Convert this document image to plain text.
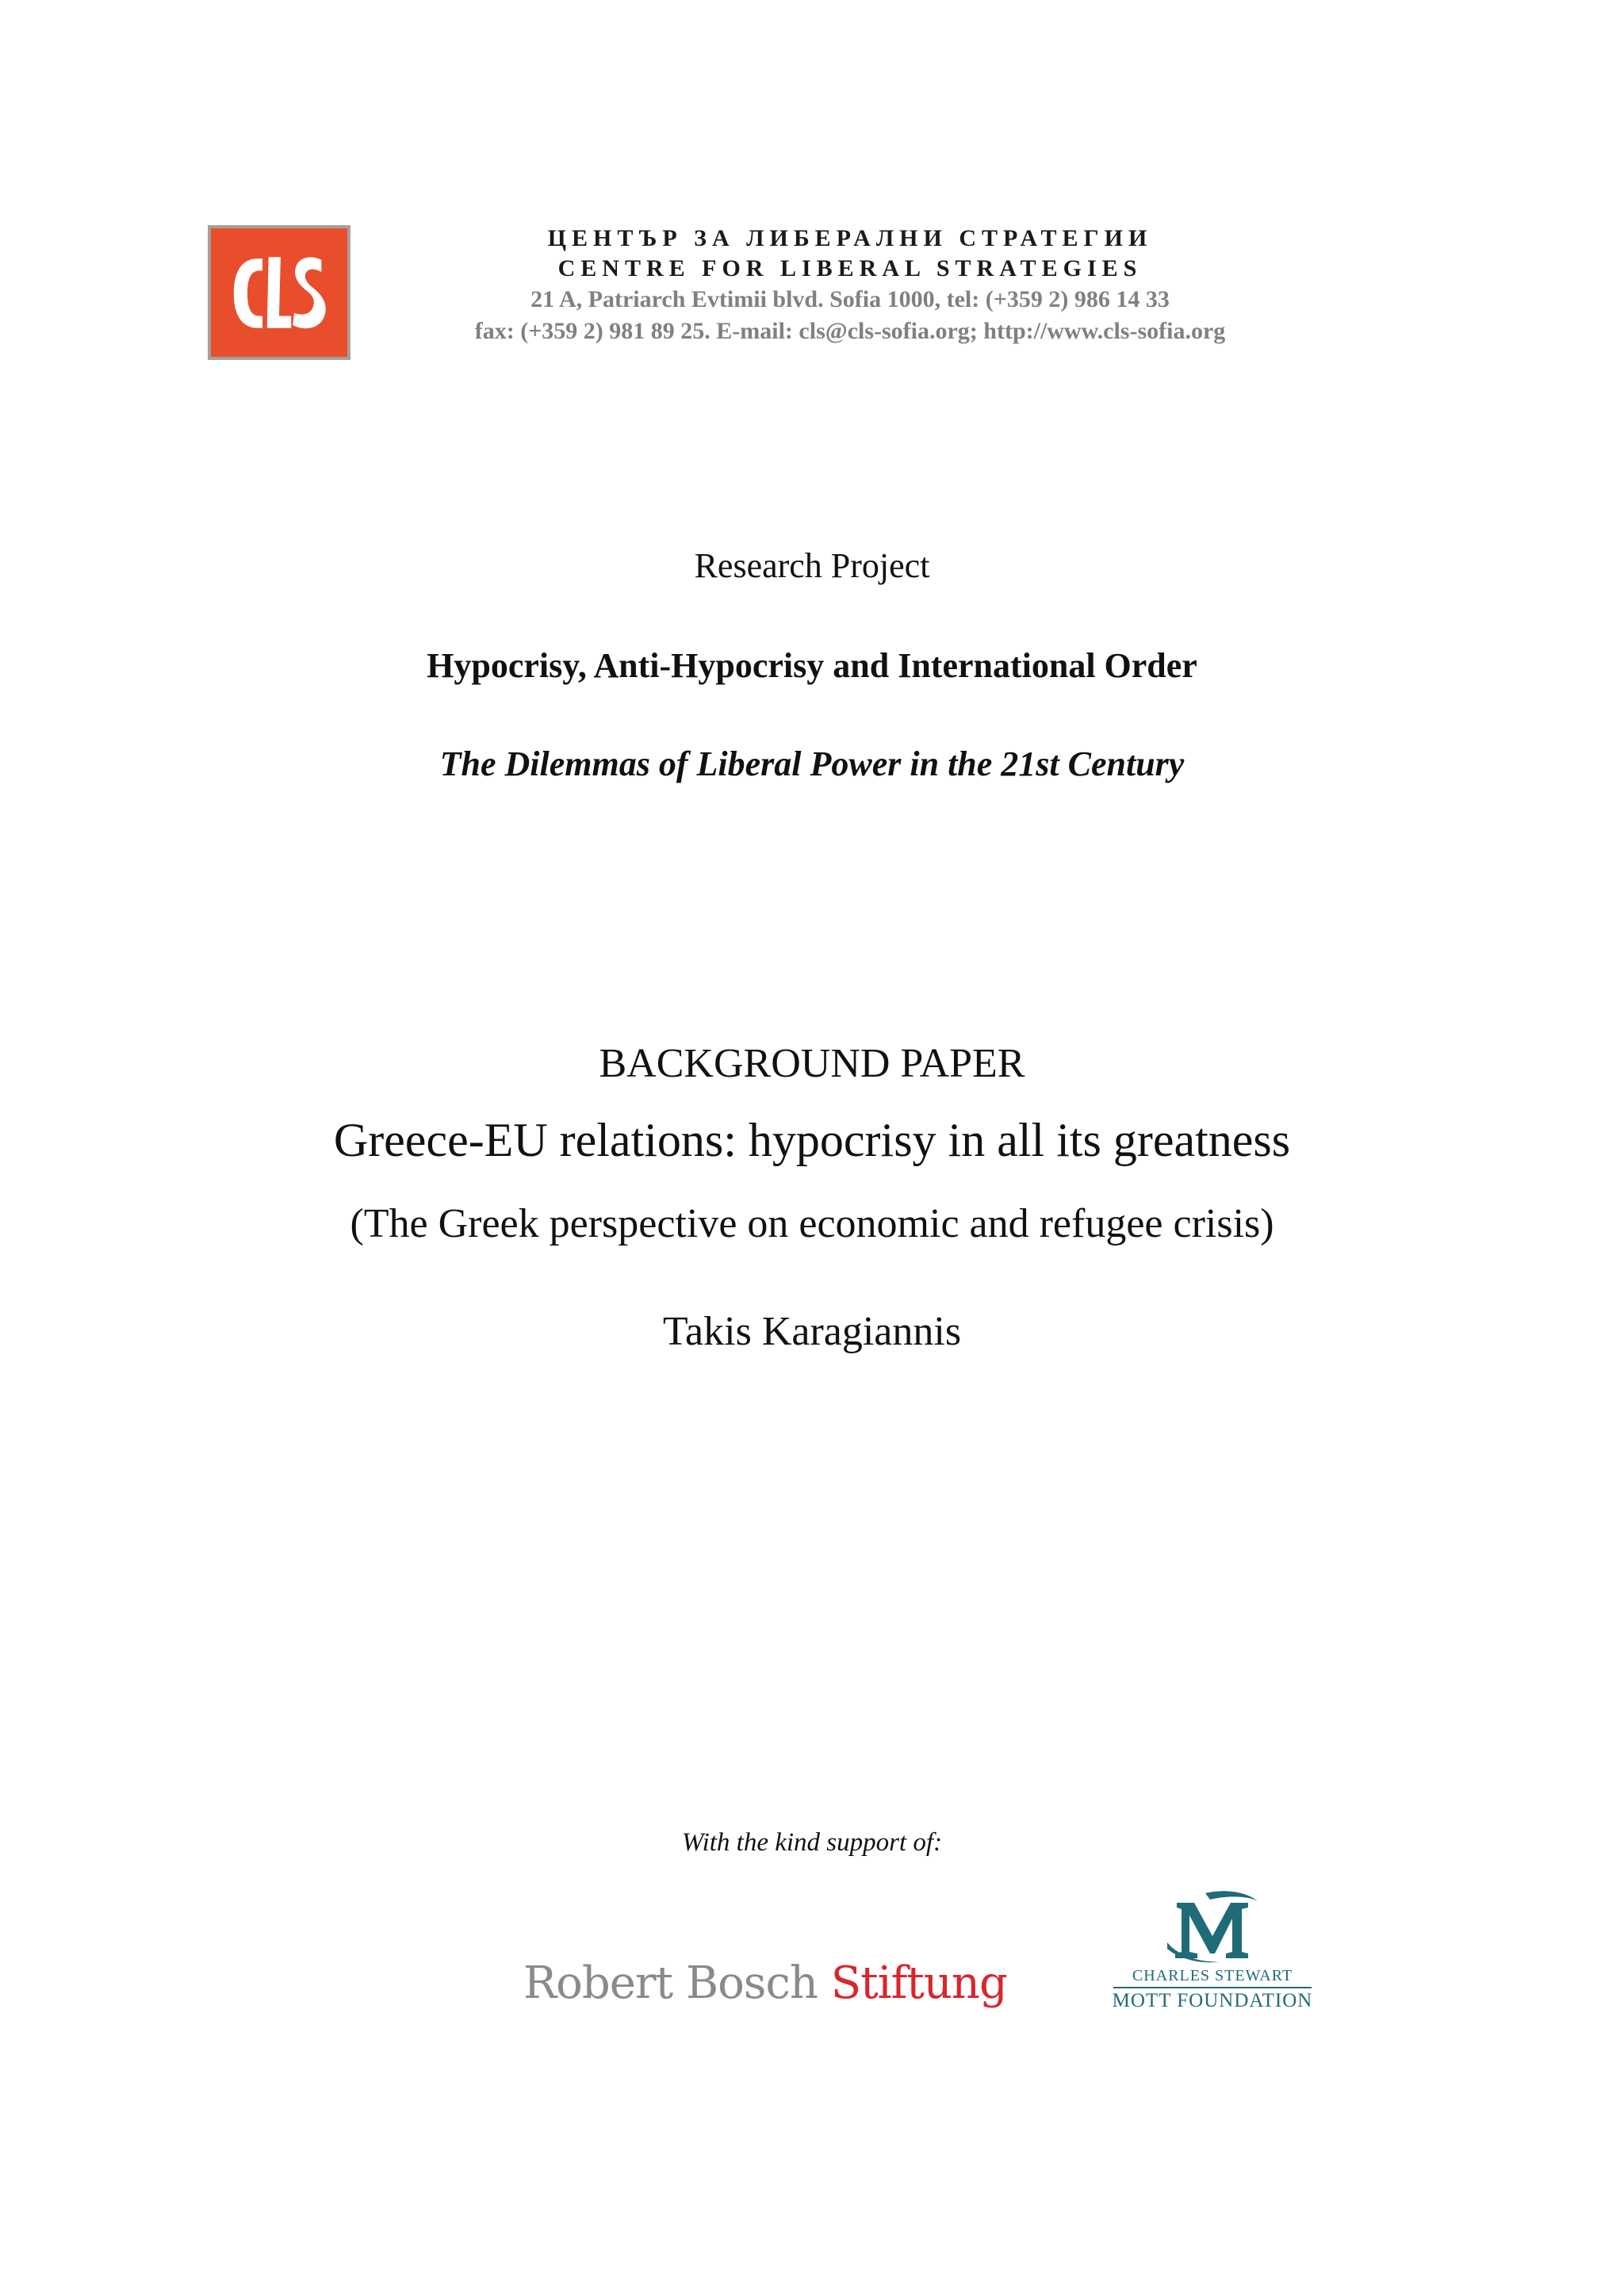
ЦЕНТЪР ЗА ЛИБЕРАЛНИ СТРАТЕГИИ
CENTRE FOR LIBERAL STRATEGIES
21 A, Patriarch Evtimii blvd. Sofia 1000, tel: (+359 2) 986 14 33
fax: (+359 2) 981 89 25. E-mail: cls@cls-sofia.org; http://www.cls-sofia.org
Research Project
Hypocrisy, Anti-Hypocrisy and International Order
The Dilemmas of Liberal Power in the 21st Century
BACKGROUND PAPER
Greece-EU relations: hypocrisy in all its greatness
(The Greek perspective on economic and refugee crisis)
Takis Karagiannis
With the kind support of:
Robert Bosch Stiftung	CHARLES STEWART
MOTT FOUNDATION
